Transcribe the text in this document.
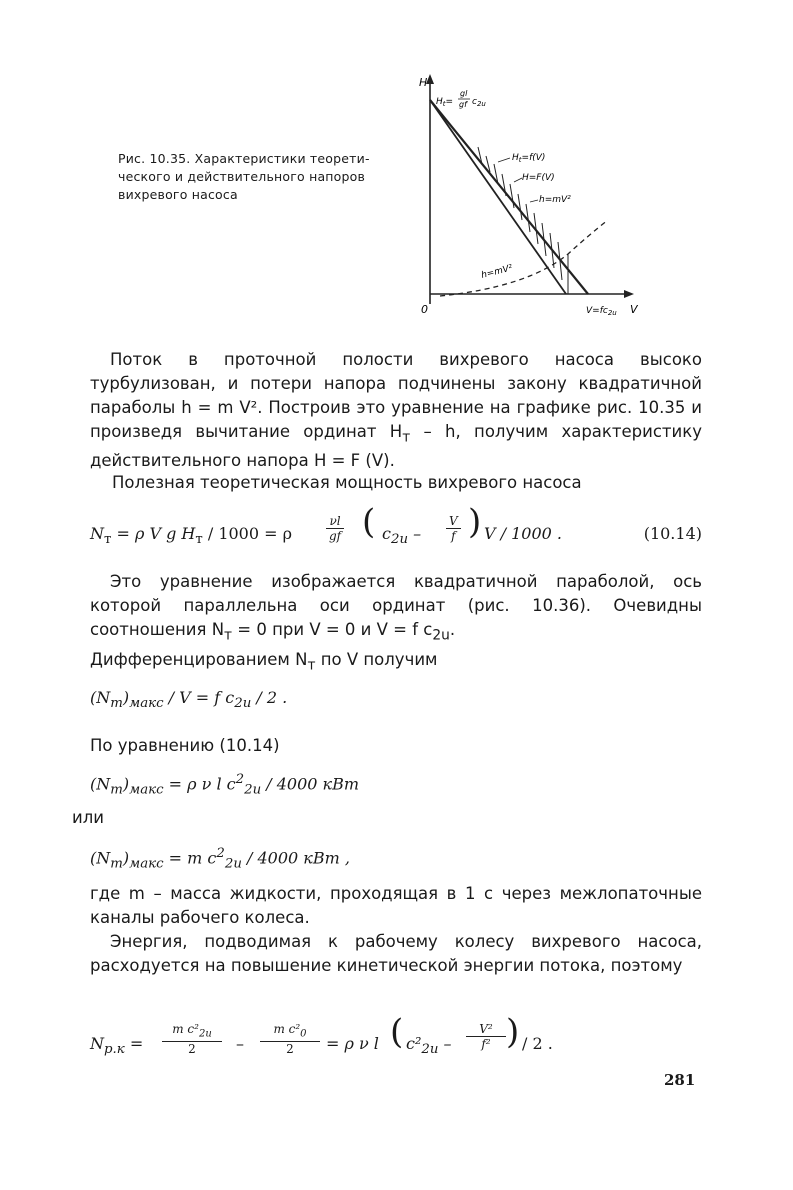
Рис. 10.35. Характеристики теорети-
ческого и действительного напоров
вихревого насоса
H
0	V
$V=fc_{2u}$
$H_t=$
gl
gf $c_{2u}$
$H_t=f(V)$
H=F(V)
h=mV²
h=mV²
Поток в проточной полости вихревого насоса высоко турбулизован, и потери напора подчинены закону квадратичной параболы h = m V². Построив это уравнение на графике рис. 10.35 и произведя вычитание ординат $H_т$ – h, получим характеристику действительного напора H = F (V).
Полезная теоретическая мощность вихревого насоса
$N_т = \rho$ V g $H_т / 1000 = \rho$	$\frac{\nu l}{gf}$ ( $c_{2u} - \frac{V}{f}$ ) V / 1000 .	(10.14)
Это уравнение изображается квадратичной параболой, ось которой параллельна оси ординат (рис. 10.36). Очевидны соотношения $N_т = 0$ при V = 0 и V = f $c_{2u}$.
Дифференцированием $N_т$ по V получим
$(N_т)_{макс} / V = f$ $c_{2u} / 2$ .
По уравнению (10.14)
$(N_т)_{макс} = \rho$ ν l $c^2_{2u} / 4000$ кВт
или
$(N_т)_{макс} = m$ $c^2_{2u} / 4000$ кВт ,
где m – масса жидкости, проходящая в 1 с через межлопаточные каналы рабочего колеса.
Энергия, подводимая к рабочему колесу вихревого насоса, расходуется на повышение кинетической энергии потока, поэтому
$N_{р.к} = \frac{m c^2_{2u}}{2} - \frac{m c^2_0}{2} = \rho$ ν l ( $c^2_{2u} - \frac{\text{V²}}{\text{f²}}$ ) / 2 .
281
